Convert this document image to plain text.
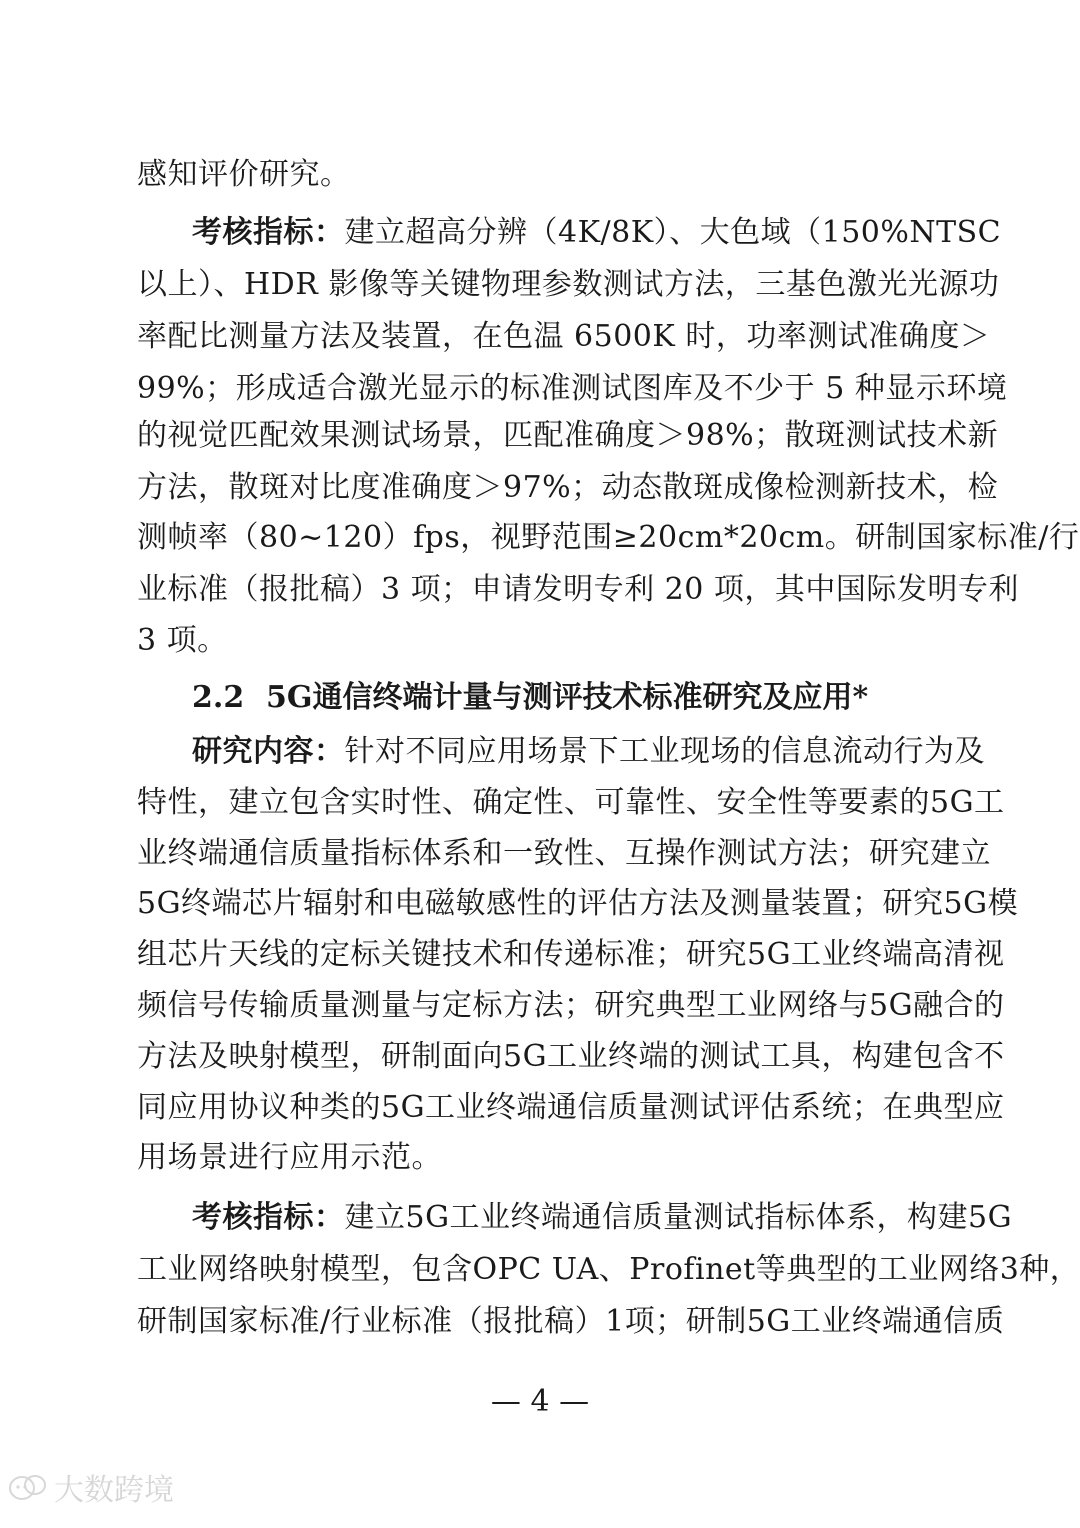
感知评价研究。
考核指标：建立超高分辨（4K/8K）、大色域（150%NTSC
以上）、HDR 影像等关键物理参数测试方法，三基色激光光源功
率配比测量方法及装置，在色温 6500K 时，功率测试准确度＞
99%；形成适合激光显示的标准测试图库及不少于 5 种显示环境
的视觉匹配效果测试场景，匹配准确度＞98%；散斑测试技术新
方法，散斑对比度准确度＞97%；动态散斑成像检测新技术，检
测帧率（80~120）fps，视野范围≥20cm*20cm。研制国家标准/行
业标准（报批稿）3 项；申请发明专利 20 项，其中国际发明专利
3 项。
2.2 5G通信终端计量与测评技术标准研究及应用*
研究内容：针对不同应用场景下工业现场的信息流动行为及
特性，建立包含实时性、确定性、可靠性、安全性等要素的5G工
业终端通信质量指标体系和一致性、互操作测试方法；研究建立
5G终端芯片辐射和电磁敏感性的评估方法及测量装置；研究5G模
组芯片天线的定标关键技术和传递标准；研究5G工业终端高清视
频信号传输质量测量与定标方法；研究典型工业网络与5G融合的
方法及映射模型，研制面向5G工业终端的测试工具，构建包含不
同应用协议种类的5G工业终端通信质量测试评估系统；在典型应
用场景进行应用示范。
考核指标：建立5G工业终端通信质量测试指标体系，构建5G
工业网络映射模型，包含OPC UA、Profinet等典型的工业网络3种，
研制国家标准/行业标准（报批稿）1项；研制5G工业终端通信质
— 4 —
大数跨境
